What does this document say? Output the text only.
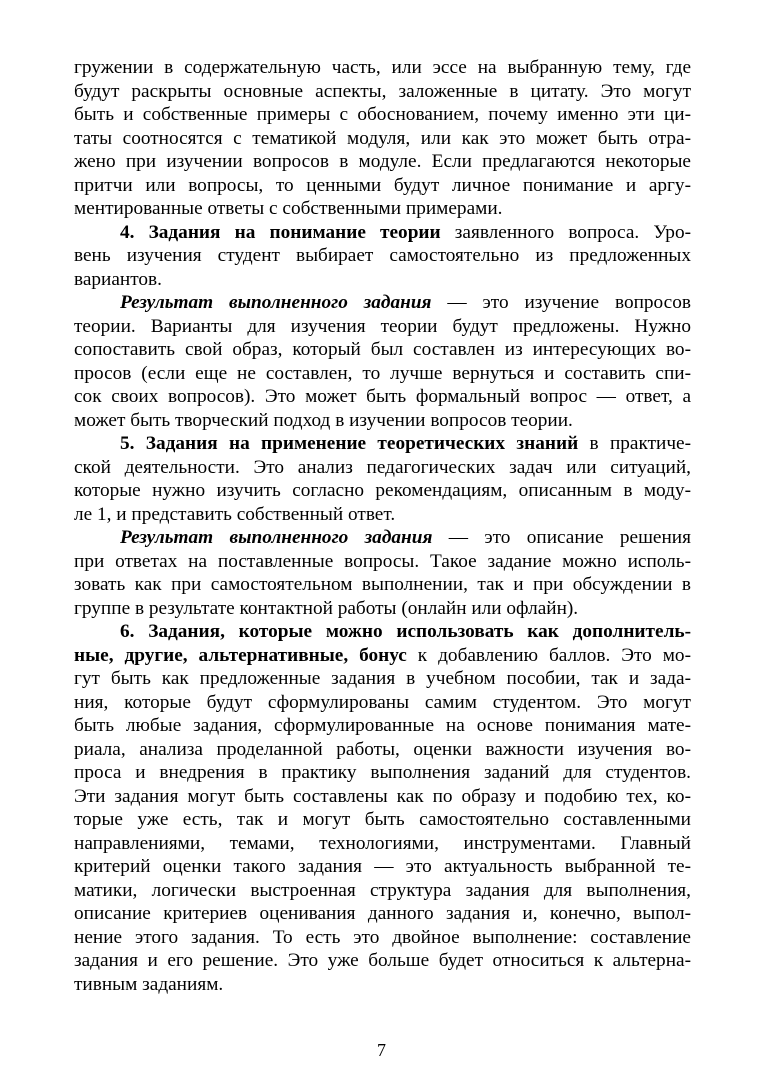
гружении в содержательную часть, или эссе на выбранную тему, где
будут раскрыты основные аспекты, заложенные в цитату. Это могут
быть и собственные примеры с обоснованием, почему именно эти ци-
таты соотносятся с тематикой модуля, или как это может быть отра-
жено при изучении вопросов в модуле. Если предлагаются некоторые
притчи или вопросы, то ценными будут личное понимание и аргу-
ментированные ответы с собственными примерами.

4. Задания на понимание теории заявленного вопроса. Уро-
вень изучения студент выбирает самостоятельно из предложенных
вариантов.

Результат выполненного задания — это изучение вопросов
теории. Варианты для изучения теории будут предложены. Нужно
сопоставить свой образ, который был составлен из интересующих во-
просов (если еще не составлен, то лучше вернуться и составить спи-
сок своих вопросов). Это может быть формальный вопрос — ответ, а
может быть творческий подход в изучении вопросов теории.

5. Задания на применение теоретических знаний в практиче-
ской деятельности. Это анализ педагогических задач или ситуаций,
которые нужно изучить согласно рекомендациям, описанным в моду-
ле 1, и представить собственный ответ.

Результат выполненного задания — это описание решения
при ответах на поставленные вопросы. Такое задание можно исполь-
зовать как при самостоятельном выполнении, так и при обсуждении в
группе в результате контактной работы (онлайн или офлайн).

6. Задания, которые можно использовать как дополнитель-
ные, другие, альтернативные, бонус к добавлению баллов. Это мо-
гут быть как предложенные задания в учебном пособии, так и зада-
ния, которые будут сформулированы самим студентом. Это могут
быть любые задания, сформулированные на основе понимания мате-
риала, анализа проделанной работы, оценки важности изучения во-
проса и внедрения в практику выполнения заданий для студентов.
Эти задания могут быть составлены как по образу и подобию тех, ко-
торые уже есть, так и могут быть самостоятельно составленными
направлениями, темами, технологиями, инструментами. Главный
критерий оценки такого задания — это актуальность выбранной те-
матики, логически выстроенная структура задания для выполнения,
описание критериев оценивания данного задания и, конечно, выпол-
нение этого задания. То есть это двойное выполнение: составление
задания и его решение. Это уже больше будет относиться к альтерна-
тивным заданиям.

7
